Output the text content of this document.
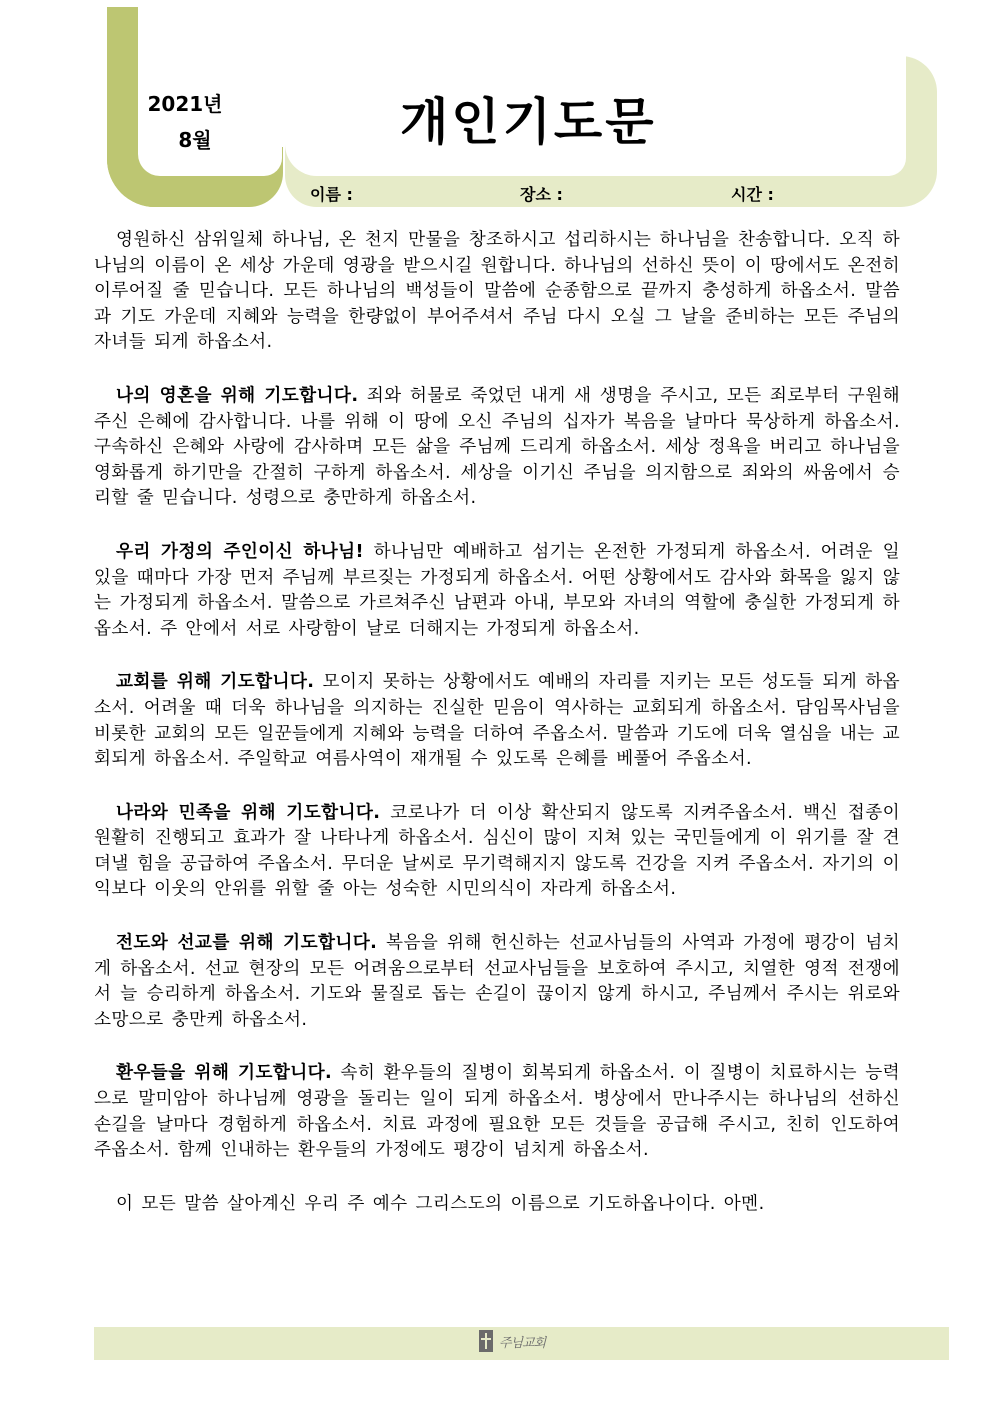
2021년
8월	개인기도문
이름 :	장소 :	시간 :

영원하신 삼위일체 하나님, 온 천지 만물을 창조하시고 섭리하시는 하나님을 찬송합니다. 오직 하나님의 이름이 온 세상 가운데 영광을 받으시길 원합니다. 하나님의 선하신 뜻이 이 땅에서도 온전히 이루어질 줄 믿습니다. 모든 하나님의 백성들이 말씀에 순종함으로 끝까지 충성하게 하옵소서. 말씀과 기도 가운데 지혜와 능력을 한량없이 부어주셔서 주님 다시 오실 그 날을 준비하는 모든 주님의 자녀들 되게 하옵소서.

나의 영혼을 위해 기도합니다. 죄와 허물로 죽었던 내게 새 생명을 주시고, 모든 죄로부터 구원해 주신 은혜에 감사합니다. 나를 위해 이 땅에 오신 주님의 십자가 복음을 날마다 묵상하게 하옵소서. 구속하신 은혜와 사랑에 감사하며 모든 삶을 주님께 드리게 하옵소서. 세상 정욕을 버리고 하나님을 영화롭게 하기만을 간절히 구하게 하옵소서. 세상을 이기신 주님을 의지함으로 죄와의 싸움에서 승리할 줄 믿습니다. 성령으로 충만하게 하옵소서.

우리 가정의 주인이신 하나님! 하나님만 예배하고 섬기는 온전한 가정되게 하옵소서. 어려운 일 있을 때마다 가장 먼저 주님께 부르짖는 가정되게 하옵소서. 어떤 상황에서도 감사와 화목을 잃지 않는 가정되게 하옵소서. 말씀으로 가르쳐주신 남편과 아내, 부모와 자녀의 역할에 충실한 가정되게 하옵소서. 주 안에서 서로 사랑함이 날로 더해지는 가정되게 하옵소서.

교회를 위해 기도합니다. 모이지 못하는 상황에서도 예배의 자리를 지키는 모든 성도들 되게 하옵소서. 어려울 때 더욱 하나님을 의지하는 진실한 믿음이 역사하는 교회되게 하옵소서. 담임목사님을 비롯한 교회의 모든 일꾼들에게 지혜와 능력을 더하여 주옵소서. 말씀과 기도에 더욱 열심을 내는 교회되게 하옵소서. 주일학교 여름사역이 재개될 수 있도록 은혜를 베풀어 주옵소서.

나라와 민족을 위해 기도합니다. 코로나가 더 이상 확산되지 않도록 지켜주옵소서. 백신 접종이 원활히 진행되고 효과가 잘 나타나게 하옵소서. 심신이 많이 지쳐 있는 국민들에게 이 위기를 잘 견뎌낼 힘을 공급하여 주옵소서. 무더운 날씨로 무기력해지지 않도록 건강을 지켜 주옵소서. 자기의 이익보다 이웃의 안위를 위할 줄 아는 성숙한 시민의식이 자라게 하옵소서.

전도와 선교를 위해 기도합니다. 복음을 위해 헌신하는 선교사님들의 사역과 가정에 평강이 넘치게 하옵소서. 선교 현장의 모든 어려움으로부터 선교사님들을 보호하여 주시고, 치열한 영적 전쟁에서 늘 승리하게 하옵소서. 기도와 물질로 돕는 손길이 끊이지 않게 하시고, 주님께서 주시는 위로와 소망으로 충만케 하옵소서.

환우들을 위해 기도합니다. 속히 환우들의 질병이 회복되게 하옵소서. 이 질병이 치료하시는 능력으로 말미암아 하나님께 영광을 돌리는 일이 되게 하옵소서. 병상에서 만나주시는 하나님의 선하신 손길을 날마다 경험하게 하옵소서. 치료 과정에 필요한 모든 것들을 공급해 주시고, 친히 인도하여 주옵소서. 함께 인내하는 환우들의 가정에도 평강이 넘치게 하옵소서.

이 모든 말씀 살아계신 우리 주 예수 그리스도의 이름으로 기도하옵나이다. 아멘.

주님교회
